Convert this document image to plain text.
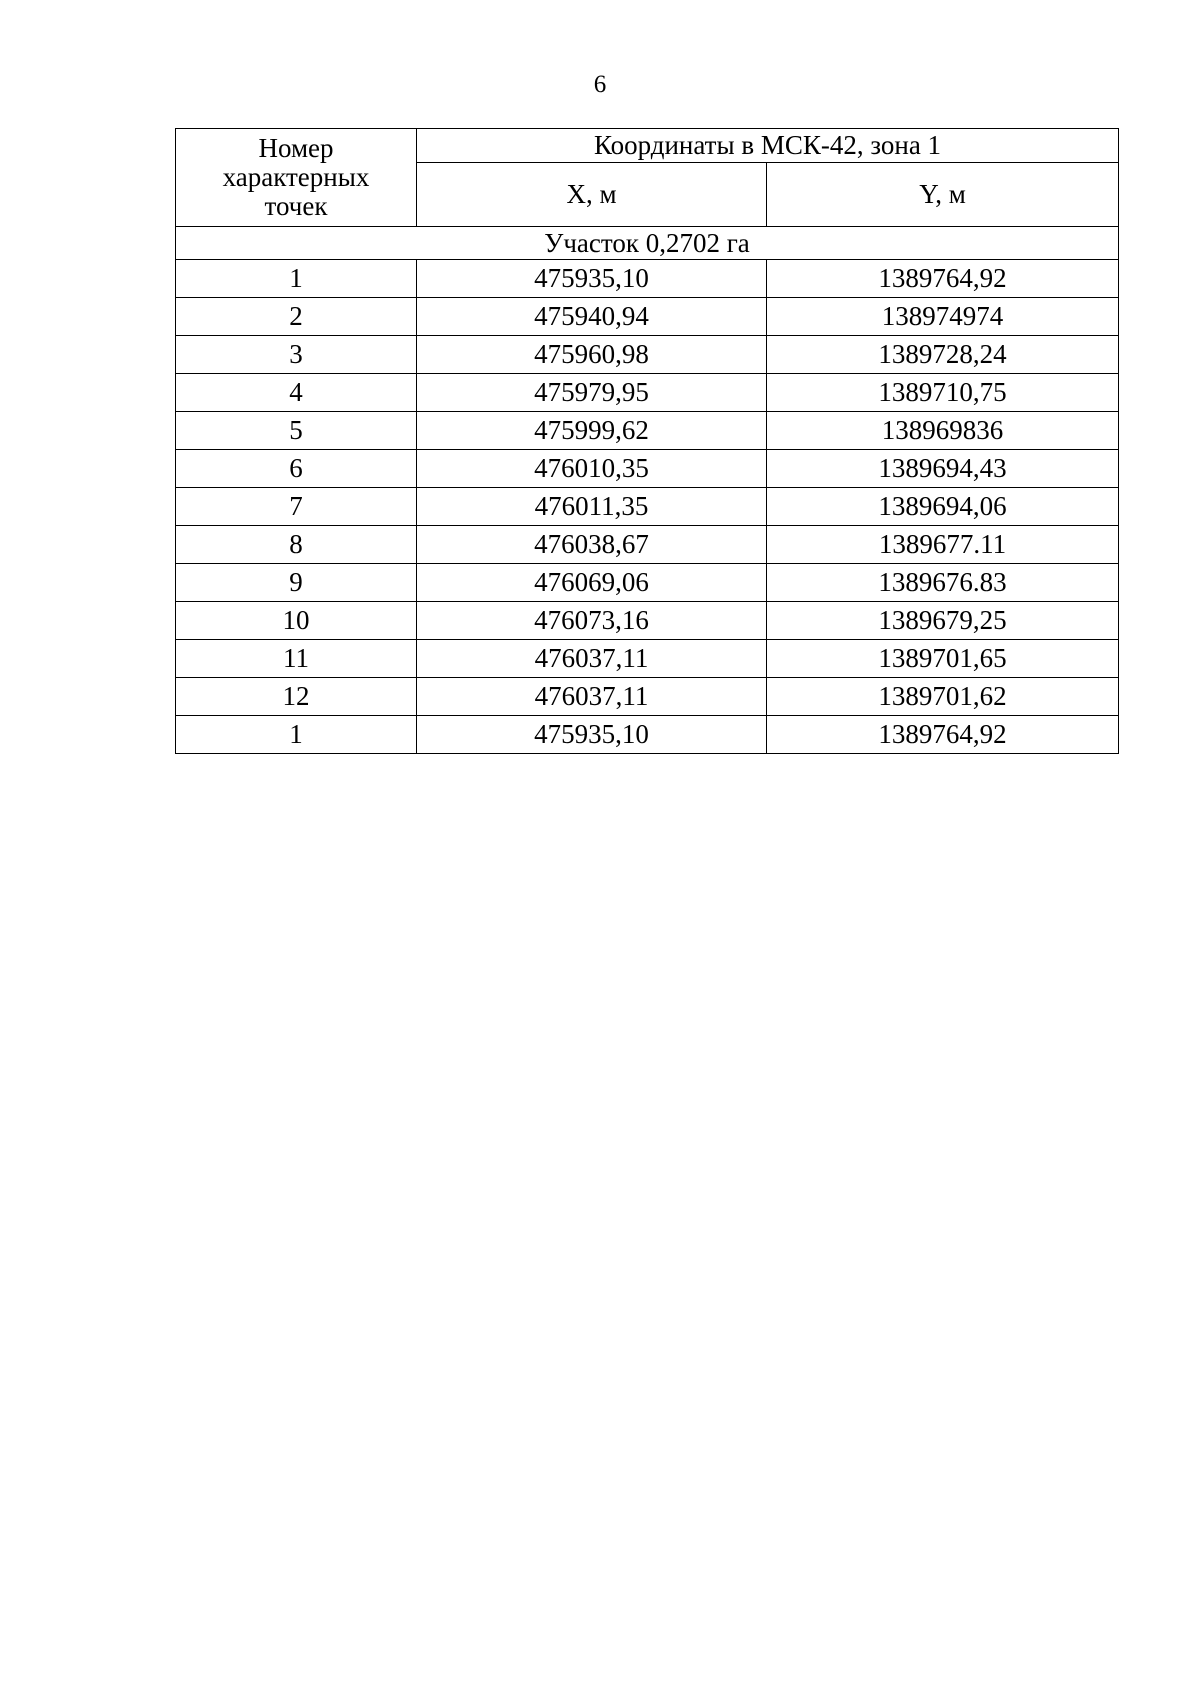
6
Номер
характерных
точек	Координаты в МСК-42, зона 1	
	X, м	Y, м
Участок 0,2702 га		
1	475935,10	1389764,92
2	475940,94	138974974
3	475960,98	1389728,24
4	475979,95	1389710,75
5	475999,62	138969836
6	476010,35	1389694,43
7	476011,35	1389694,06
8	476038,67	1389677.11
9	476069,06	1389676.83
10	476073,16	1389679,25
11	476037,11	1389701,65
12	476037,11	1389701,62
1	475935,10	1389764,92
